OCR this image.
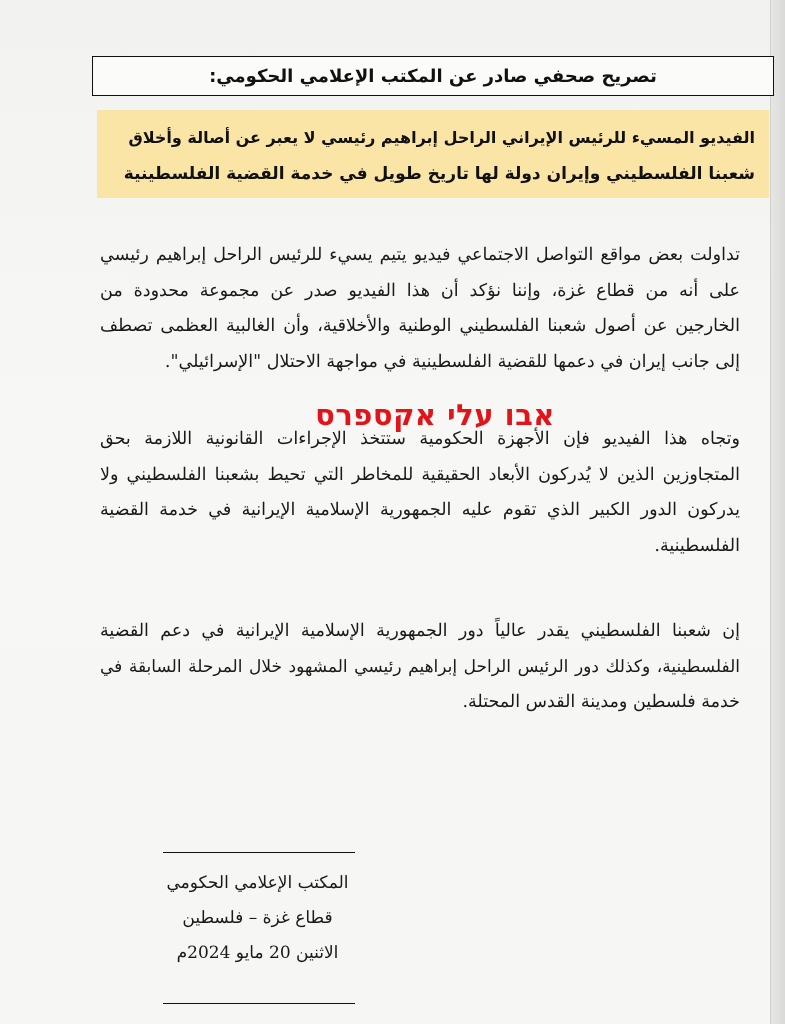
تصريح صحفي صادر عن المكتب الإعلامي الحكومي:
الفيديو المسيء للرئيس الإيراني الراحل إبراهيم رئيسي لا يعبر عن أصالة وأخلاق
شعبنا الفلسطيني وإيران دولة لها تاريخ طويل في خدمة القضية الفلسطينية
تداولت بعض مواقع التواصل الاجتماعي فيديو يتيم يسيء للرئيس الراحل إبراهيم رئيسي
على أنه من قطاع غزة، وإننا نؤكد أن هذا الفيديو صدر عن مجموعة محدودة من
الخارجين عن أصول شعبنا الفلسطيني الوطنية والأخلاقية، وأن الغالبية العظمى تصطف
إلى جانب إيران في دعمها للقضية الفلسطينية في مواجهة الاحتلال "الإسرائيلي".
אבו עלי אקספרס
وتجاه هذا الفيديو فإن الأجهزة الحكومية ستتخذ الإجراءات القانونية اللازمة بحق
المتجاوزين الذين لا يُدركون الأبعاد الحقيقية للمخاطر التي تحيط بشعبنا الفلسطيني ولا
يدركون الدور الكبير الذي تقوم عليه الجمهورية الإسلامية الإيرانية في خدمة القضية
الفلسطينية.
إن شعبنا الفلسطيني يقدر عالياً دور الجمهورية الإسلامية الإيرانية في دعم القضية
الفلسطينية، وكذلك دور الرئيس الراحل إبراهيم رئيسي المشهود خلال المرحلة السابقة في
خدمة فلسطين ومدينة القدس المحتلة.
المكتب الإعلامي الحكومي
قطاع غزة – فلسطين
الاثنين 20 مايو 2024م
